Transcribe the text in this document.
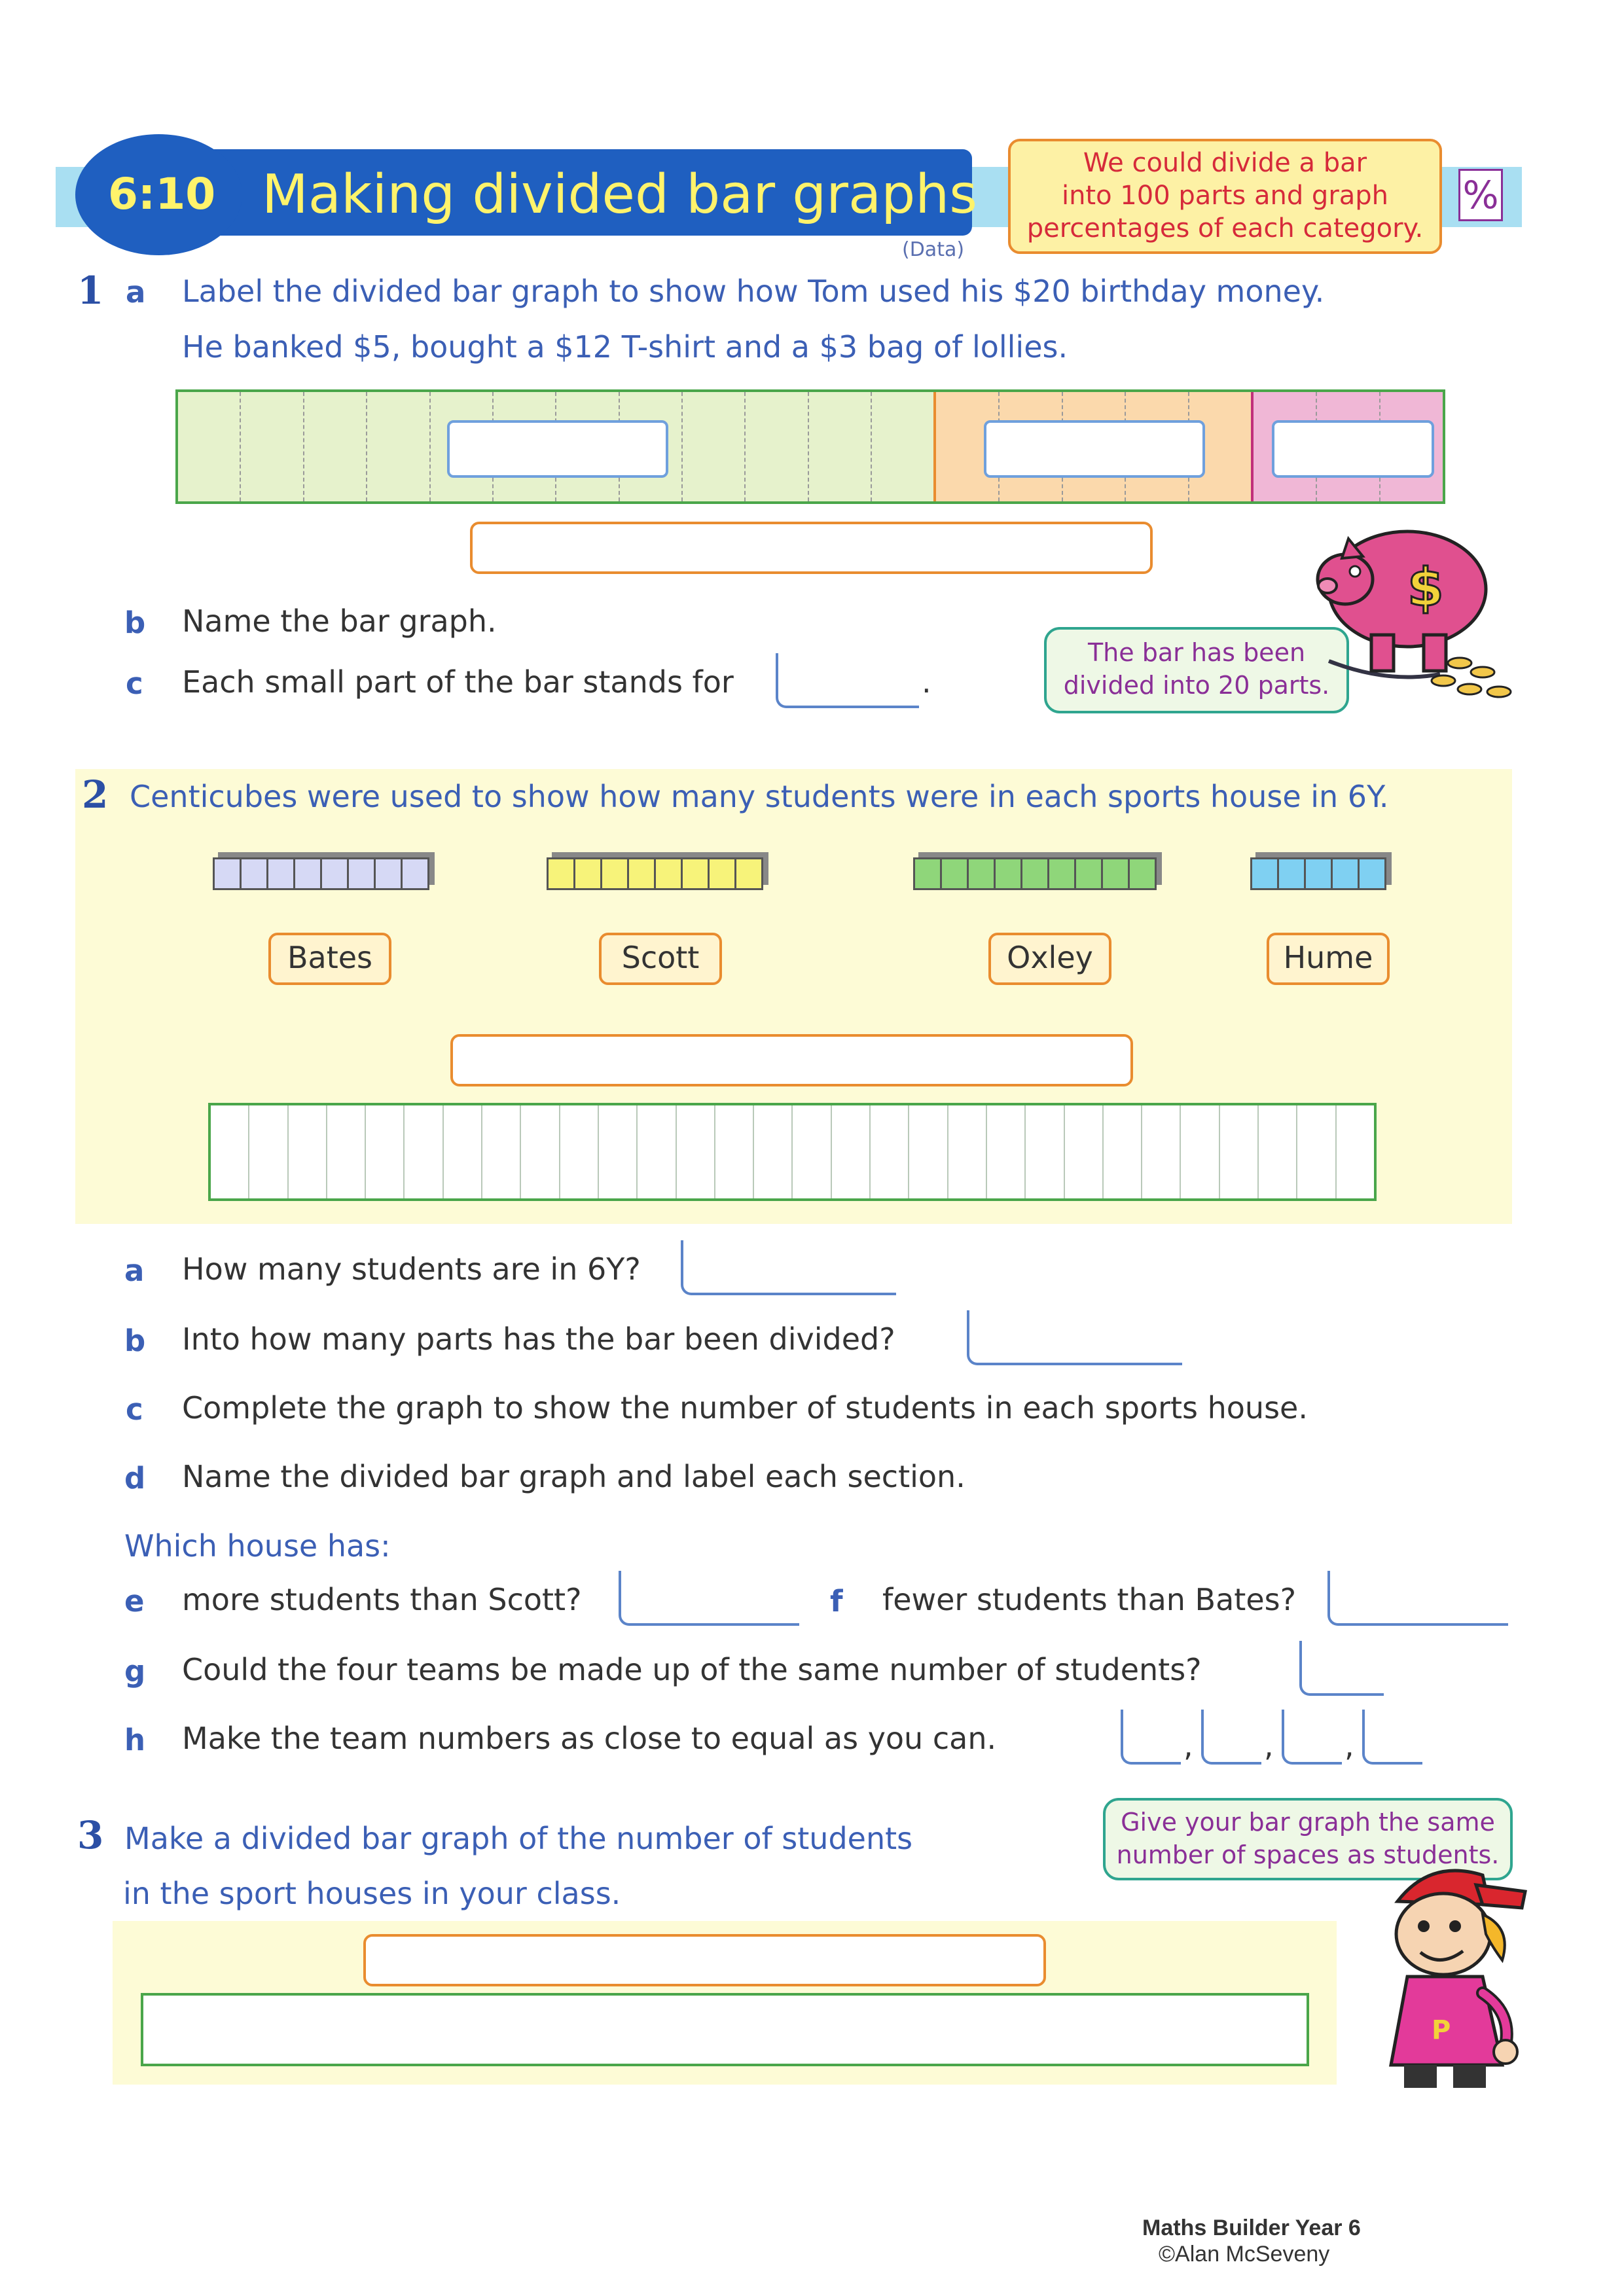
6:10 Making divided bar graphs
(Data)
We could divide a bar
into 100 parts and graph
percentages of each category.
%
1 a Label the divided bar graph to show how Tom used his $20 birthday money.
He banked $5, bought a $12 T-shirt and a $3 bag of lollies.
b Name the bar graph.
c Each small part of the bar stands for	.
The bar has been
divided into 20 parts.
$
2 Centicubes were used to show how many students were in each sports house in 6Y.
Bates	Scott	Oxley	Hume
a How many students are in 6Y?
b Into how many parts has the bar been divided?
c Complete the graph to show the number of students in each sports house.
d Name the divided bar graph and label each section.
Which house has:
e more students than Scott?	f fewer students than Bates?
g Could the four teams be made up of the same number of students?
h Make the team numbers as close to equal as you can.	, , ,
3 Make a divided bar graph of the number of students
in the sport houses in your class.
Give your bar graph the same
number of spaces as students.
P
Maths Builder Year 6
©Alan McSeveny
